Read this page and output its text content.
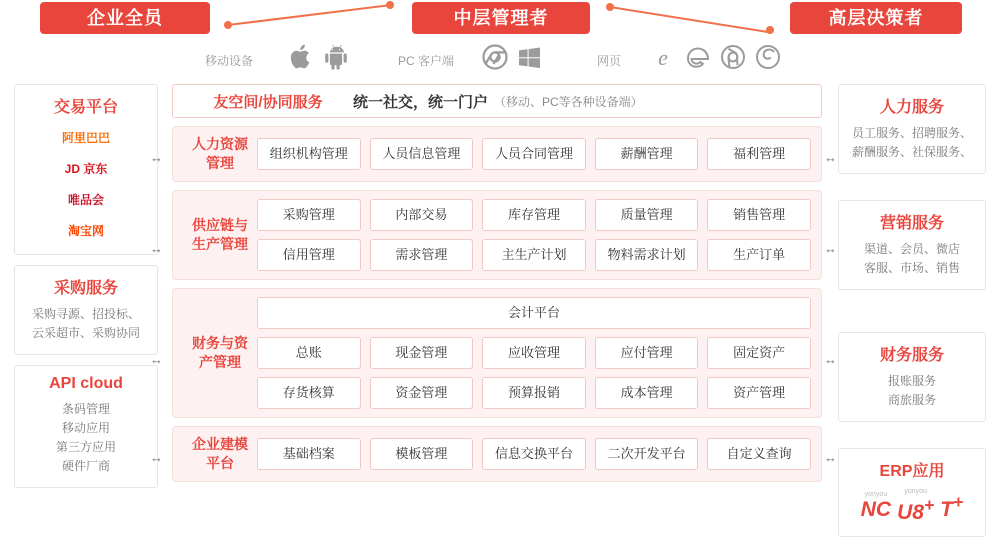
企业全员	中层管理者	高层决策者
移动设备	PC 客户端	网页 e
交易平台
阿里巴巴
JD 京东
唯品会
淘宝网
采购服务
采购寻源、招投标、
云采超市、采购协同
API cloud
条码管理
移动应用
第三方应用
硬件厂商
人力服务
员工服务、招聘服务、
薪酬服务、社保服务、
营销服务
渠道、会员、微店
客服、市场、销售
财务服务
报账服务
商旅服务
ERP应用
yonyou
NC
yonyou
U8+ T+
友空间/协同服务	统一社交，统一门户 （移动、PC等各种设备端）
人力资源
管理
组织机构管理	人员信息管理	人员合同管理	薪酬管理	福利管理
供应链与
生产管理
采购管理	内部交易	库存管理	质量管理	销售管理
信用管理	需求管理	主生产计划	物料需求计划	生产订单
财务与资
产管理
会计平台
总账	现金管理	应收管理	应付管理	固定资产
存货核算	资金管理	预算报销	成本管理	资产管理
企业建模
平台
基础档案	模板管理	信息交换平台	二次开发平台	自定义查询
↔
↔
↔
↔
↔
↔
↔
↔
